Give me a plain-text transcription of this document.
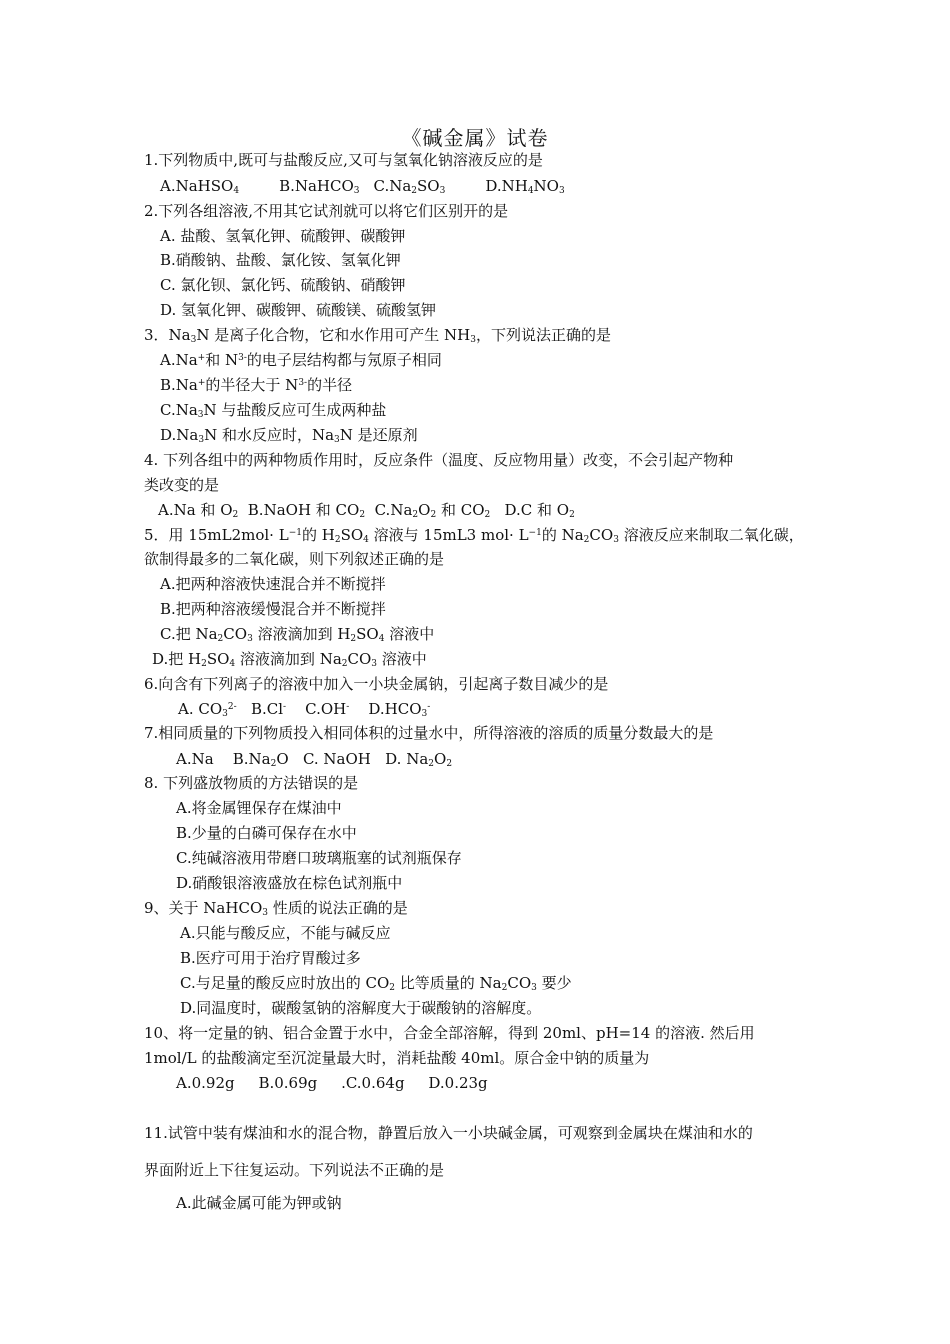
《碱金属》试卷
1.下列物质中,既可与盐酸反应,又可与氢氧化钠溶液反应的是
A.NaHSO$_4$	B.NaHCO$_3$ $C.Na_2SO_3$	$D.NH_4NO_3$
2.下列各组溶液,不用其它试剂就可以将它们区别开的是
A. 盐酸、氢氧化钾、硫酸钾、碳酸钾
B.硝酸钠、盐酸、氯化铵、氢氧化钾
C. 氯化钡、氯化钙、硫酸钠、硝酸钾
D. 氢氧化钾、碳酸钾、硫酸镁、硫酸氢钾
3．$Na_3N$ 是离子化合物，它和水作用可产生 $NH_3$，下列说法正确的是
A.Na+和 $N^{3-}$的电子层结构都与氖原子相同
B.Na+的半径大于 $N^{3-}$的半径
$C.Na_3N$ 与盐酸反应可生成两种盐
$D.Na_3N$ 和水反应时，$Na_3N$ 是还原剂
4. 下列各组中的两种物质作用时，反应条件（温度、反应物用量）改变，不会引起产物种
类改变的是
A.Na 和 $O_2$  B.NaOH 和 $CO_2$  $C.Na_2O_2$ 和 $CO_2$   D.C 和 $O_2$
5．用 $15mL2mol\cdot L^{-1}$的 $H_2SO_4$ 溶液与 15mL3 $mol\cdot L^{-1}$的 $Na_2CO_3$ 溶液反应来制取二氧化碳，
欲制得最多的二氧化碳，则下列叙述正确的是
A.把两种溶液快速混合并不断搅拌
B.把两种溶液缓慢混合并不断搅拌
C.把 $Na_2CO_3$ 溶液滴加到 $H_2SO_4$ 溶液中
D.把 $H_2SO_4$ 溶液滴加到 $Na_2CO_3$ 溶液中
6.向含有下列离子的溶液中加入一小块金属钠，引起离子数目减少的是
A. $CO_3^{2-}$   B.Cl-    C.OH-    $D.HCO_3^-$
7.相同质量的下列物质投入相同体积的过量水中，所得溶液的溶质的质量分数最大的是
A.Na    $B.Na_2O$   C. NaOH   D. $Na_2O_2$
8. 下列盛放物质的方法错误的是
A.将金属锂保存在煤油中
B.少量的白磷可保存在水中
C.纯碱溶液用带磨口玻璃瓶塞的试剂瓶保存
D.硝酸银溶液盛放在棕色试剂瓶中
9、关于 NaHCO$_3$ 性质的说法正确的是
A.只能与酸反应，不能与碱反应
B.医疗可用于治疗胃酸过多
C.与足量的酸反应时放出的 $CO_2$ 比等质量的 $Na_2CO_3$ 要少
D.同温度时，碳酸氢钠的溶解度大于碳酸钠的溶解度。
10、将一定量的钠、铝合金置于水中，合金全部溶解，得到 20ml、pH=14 的溶液. 然后用
1mol/L 的盐酸滴定至沉淀量最大时，消耗盐酸 40ml。原合金中钠的质量为
A.0.92g     B.0.69g     .C.0.64g     D.0.23g
11.试管中装有煤油和水的混合物，静置后放入一小块碱金属，可观察到金属块在煤油和水的
界面附近上下往复运动。下列说法不正确的是
A.此碱金属可能为钾或钠
